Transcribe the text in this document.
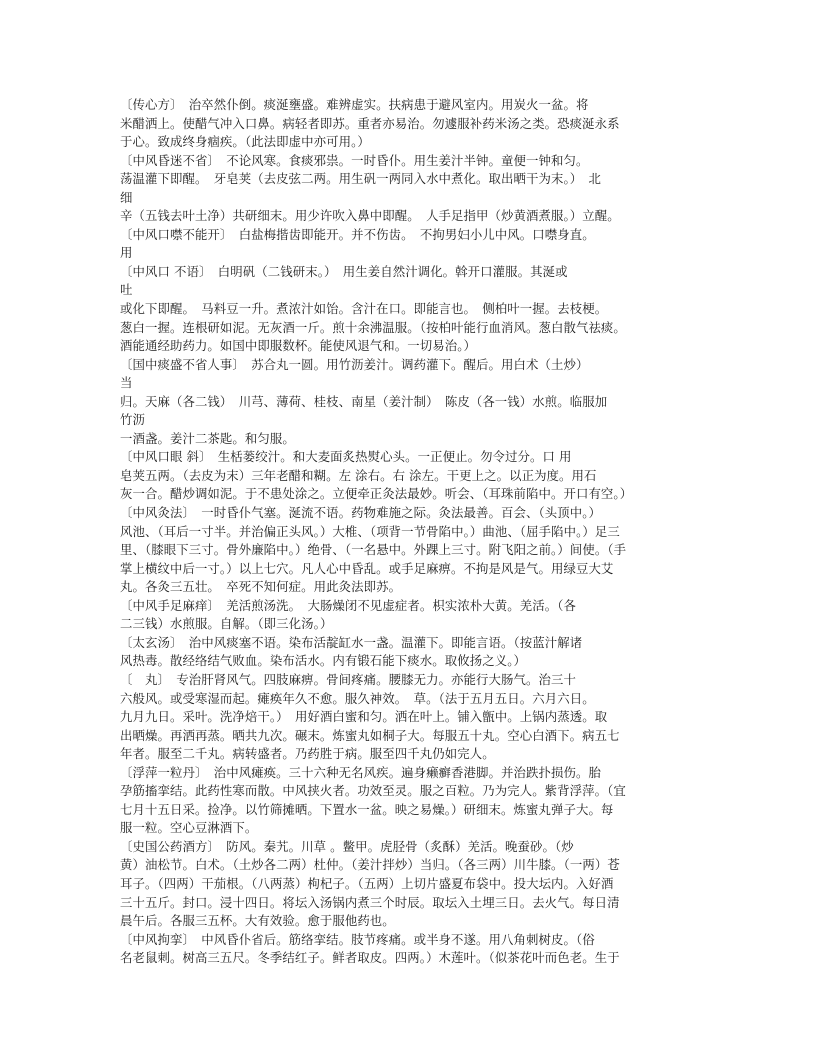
〔传心方〕　治卒然仆倒。痰涎壅盛。难辨虚实。扶病患于避风室内。用炭火一盆。将
米醋洒上。使醋气冲入口鼻。病轻者即苏。重者亦易治。勿遽服补药米汤之类。恐痰涎永系
于心。致成终身痼疾。（此法即虚中亦可用。）
〔中风昏迷不省〕　不论风寒。食痰邪祟。一时昏仆。用生姜汁半钟。童便一钟和匀。
荡温灌下即醒。　牙皂荚（去皮弦二两。用生矾一两同入水中煮化。取出晒干为末。）　北
细
辛（五钱去叶土净）共研细末。用少许吹入鼻中即醒。　人手足指甲（炒黄酒煮服。）立醒。
〔中风口噤不能开〕　白盐梅揩齿即能开。并不伤齿。　不拘男妇小儿中风。口噤身直。
用
〔中风口 不语〕　白明矾（二钱研末。）　用生姜自然汁调化。斡开口灌服。其涎或
吐
或化下即醒。　马料豆一升。煮浓汁如饴。含汁在口。即能言也。　侧柏叶一握。去枝梗。
葱白一握。连根研如泥。无灰酒一斤。煎十余沸温服。（按柏叶能行血消风。葱白散气祛痰。
酒能通经助药力。如国中即服数杯。能使风退气和。一切易治。）
〔国中痰盛不省人事〕　苏合丸一圆。用竹沥姜汁。调药灌下。醒后。用白术（土炒）
当
归。天麻（各二钱）　川芎、薄荷、桂枝、南星（姜汁制）　陈皮（各一钱）水煎。临服加
竹沥
一酒盏。姜汁二茶匙。和匀服。
〔中风口眼 斜〕　生栝蒌绞汁。和大麦面炙热熨心头。一正便止。勿令过分。口 用
皂荚五两。（去皮为末）三年老醋和糊。左 涂右。右 涂左。干更上之。以正为度。用石
灰一合。醋炒调如泥。于不患处涂之。立便牵正灸法最妙。听会、（耳珠前陷中。开口有空。）
〔中风灸法〕　一时昏仆气塞。涎流不语。药物难施之际。灸法最善。百会、（头顶中。）
风池、（耳后一寸半。并治偏正头风。）大椎、（项背一节骨陷中。）曲池、（屈手陷中。）足三
里、（膝眼下三寸。骨外廉陷中。）绝骨、（一名悬中。外踝上三寸。附飞阳之前。）间使。（手
掌上横纹中后一寸。）以上七穴。凡人心中昏乱。或手足麻痹。不拘是风是气。用绿豆大艾
丸。各灸三五壮。　卒死不知何症。用此灸法即苏。
〔中风手足麻痒〕　羌活煎汤洗。　大肠燥闭不见虚症者。枳实浓朴大黄。羌活。（各
二三钱）水煎服。自解。（即三化汤。）
〔太玄汤〕　治中风痰塞不语。染布活靛缸水一盏。温灌下。即能言语。（按蓝汁解诸
风热毒。散经络结气败血。染布活水。内有锻石能下痰水。取攸扬之义。）
〔　丸〕　专治肝肾风气。四肢麻痹。骨间疼痛。腰膝无力。亦能行大肠气。治三十
六般风。或受寒湿而起。瘫痪年久不愈。服久神效。　草。（法于五月五日。六月六日。
九月九日。采叶。洗净焙干。）　用好酒白蜜和匀。洒在叶上。铺入甑中。上锅内蒸透。取
出晒燥。再洒再蒸。晒共九次。碾末。炼蜜丸如桐子大。每服五十丸。空心白酒下。病五七
年者。服至二千丸。病转盛者。乃药胜于病。服至四千丸仍如完人。
〔浮萍一粒丹〕　治中风瘫痪。三十六种无名风疾。遍身癞癣香港脚。并治跌扑损伤。胎
孕筋搐挛结。此药性寒而散。中风挟火者。功效至灵。服之百粒。乃为完人。紫背浮萍。（宜
七月十五日采。捡净。以竹筛摊晒。下置水一盆。映之易燥。）研细末。炼蜜丸弹子大。每
服一粒。空心豆淋酒下。
〔史国公药酒方〕　防风。秦艽。川草 。鳖甲。虎胫骨（炙酥）羌活。晚蚕砂。（炒
黄）油松节。白术。（土炒各二两）杜仲。（姜汁拌炒）当归。（各三两）川牛膝。（一两）苍
耳子。（四两）干茄根。（八两蒸）枸杞子。（五两）上切片盛夏布袋中。投大坛内。入好酒
三十五斤。封口。浸十四日。将坛入汤锅内煮三个时辰。取坛入土埋三日。去火气。每日清
晨午后。各服三五杯。大有效验。愈于服他药也。
〔中风拘挛〕　中风昏仆省后。筋络挛结。肢节疼痛。或半身不遂。用八角刺树皮。（俗
名老鼠刺。树高三五尺。冬季结红子。鲜者取皮。四两。）木莲叶。（似茶花叶而色老。生于
